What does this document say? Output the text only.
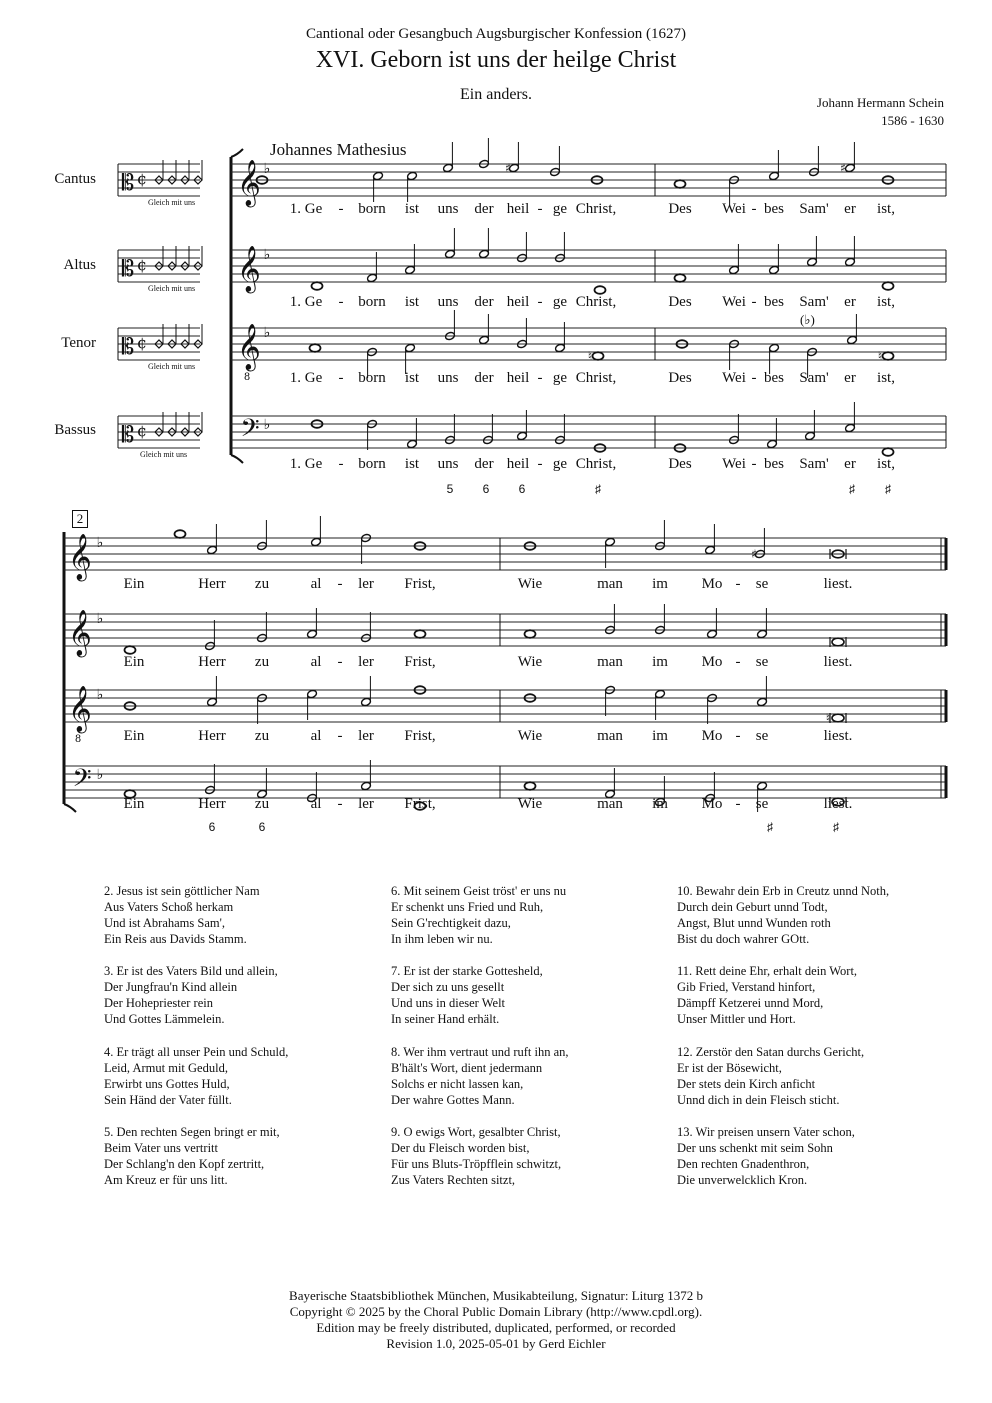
Cantional oder Gesangbuch Augsburgischer Konfession (1627)
XVI. Geborn ist uns der heilge Christ
Ein anders.	Johann Hermann Schein
1586 - 1630
Johannes Mathesius
Cantus
Altus
Tenor
Bassus
Gleich mit uns
Gleich mit uns
Gleich mit uns
Gleich mit uns
2
(♭)
𝄡 ¢
𝄡 ¢
𝄡 ¢
𝄡 ¢
𝄞 ♭
𝄞 ♭
𝄞 ♭
8
𝄢 ♭
♯	♯
♮	♮
𝄞 ♭
𝄞 ♭
𝄞 ♭
8
𝄢 ♭
♯
♮
1. Ge - born ist uns der heil - ge Christ,	Des Wei - bes Sam' er ist,
1. Ge - born ist uns der heil - ge Christ,	Des Wei - bes Sam' er ist,
1. Ge - born ist uns der heil - ge Christ,	Des Wei - bes Sam' er ist,
1. Ge - born ist uns der heil - ge Christ,	Des Wei - bes Sam' er ist,
Ein	Herr zu	al - ler Frist,	Wie	man im Mo - se	liest.
Ein	Herr zu	al - ler Frist,	Wie	man im Mo - se	liest.
Ein	Herr zu	al - ler Frist,	Wie	man im Mo - se	liest.
Ein	Herr zu	al - ler Frist,	Wie	man im Mo - se	liest.
5 6 6	♯	♯	♯
6	6	♯	♯
2. Jesus ist sein göttlicher Nam
Aus Vaters Schoß herkam
Und ist Abrahams Sam',
Ein Reis aus Davids Stamm.
3. Er ist des Vaters Bild und allein,
Der Jungfrau'n Kind allein
Der Hohepriester rein
Und Gottes Lämmelein.
4. Er trägt all unser Pein und Schuld,
Leid, Armut mit Geduld,
Erwirbt uns Gottes Huld,
Sein Händ der Vater füllt.
5. Den rechten Segen bringt er mit,
Beim Vater uns vertritt
Der Schlang'n den Kopf zertritt,
Am Kreuz er für uns litt.
6. Mit seinem Geist tröst' er uns nu
Er schenkt uns Fried und Ruh,
Sein G'rechtigkeit dazu,
In ihm leben wir nu.
7. Er ist der starke Gottesheld,
Der sich zu uns gesellt
Und uns in dieser Welt
In seiner Hand erhält.
8. Wer ihm vertraut und ruft ihn an,
B'hält's Wort, dient jedermann
Solchs er nicht lassen kan,
Der wahre Gottes Mann.
9. O ewigs Wort, gesalbter Christ,
Der du Fleisch worden bist,
Für uns Bluts-Tröpfflein schwitzt,
Zus Vaters Rechten sitzt,
10. Bewahr dein Erb in Creutz unnd Noth,
Durch dein Geburt unnd Todt,
Angst, Blut unnd Wunden roth
Bist du doch wahrer GOtt.
11. Rett deine Ehr, erhalt dein Wort,
Gib Fried, Verstand hinfort,
Dämpff Ketzerei unnd Mord,
Unser Mittler und Hort.
12. Zerstör den Satan durchs Gericht,
Er ist der Bösewicht,
Der stets dein Kirch anficht
Unnd dich in dein Fleisch sticht.
13. Wir preisen unsern Vater schon,
Der uns schenkt mit seim Sohn
Den rechten Gnadenthron,
Die unverwelcklich Kron.
Bayerische Staatsbibliothek München, Musikabteilung, Signatur: Liturg 1372 b
Copyright © 2025 by the Choral Public Domain Library (http://www.cpdl.org).
Edition may be freely distributed, duplicated, performed, or recorded
Revision 1.0, 2025-05-01 by Gerd Eichler
